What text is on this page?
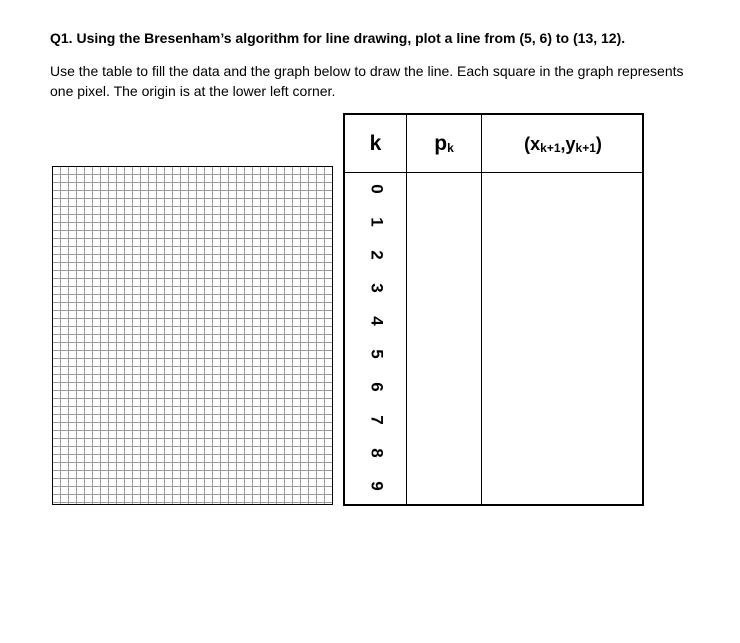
Q1. Using the Bresenham’s algorithm for line drawing, plot a line from (5, 6) to (13, 12).
Use the table to fill the data and the graph below to draw the line. Each square in the graph represents one pixel. The origin is at the lower left corner.
k	$p_k$	$(x_{k+1},y_{k+1})$
0
1
2
3
4
5
6
7
8
9
